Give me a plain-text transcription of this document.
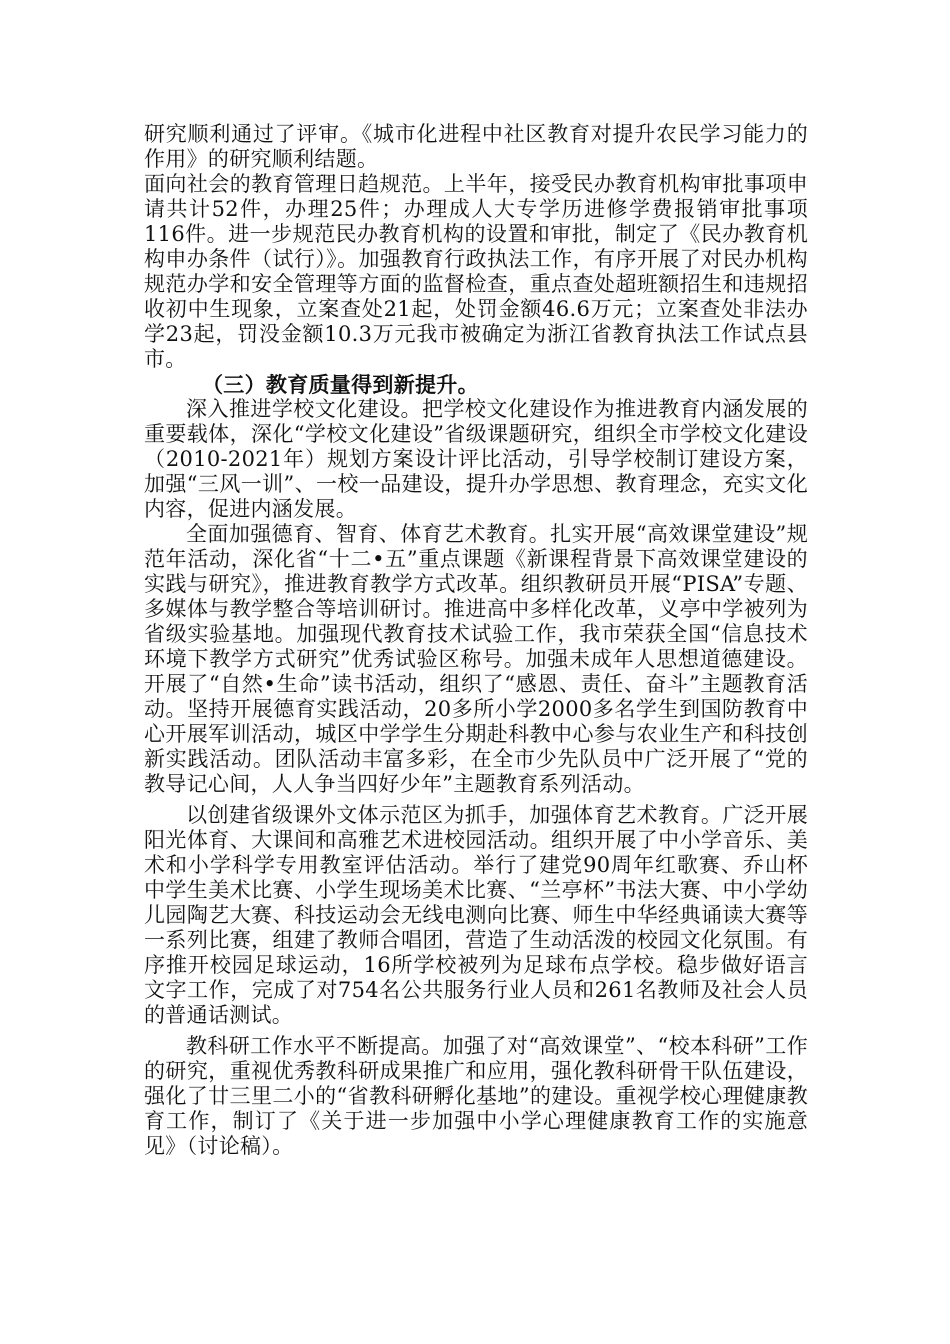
研究顺利通过了评审。《城市化进程中社区教育对提升农民学习能力的作用》的研究顺利结题。

面向社会的教育管理日趋规范。上半年，接受民办教育机构审批事项申请共计52件，办理25件；办理成人大专学历进修学费报销审批事项116件。进一步规范民办教育机构的设置和审批，制定了《民办教育机构申办条件（试行）》。加强教育行政执法工作，有序开展了对民办机构规范办学和安全管理等方面的监督检查，重点查处超班额招生和违规招收初中生现象，立案查处21起，处罚金额46.6万元；立案查处非法办学23起，罚没金额10.3万元我市被确定为浙江省教育执法工作试点县市。

（三）教育质量得到新提升。

深入推进学校文化建设。把学校文化建设作为推进教育内涵发展的重要载体，深化“学校文化建设”省级课题研究，组织全市学校文化建设（2010-2021年）规划方案设计评比活动，引导学校制订建设方案，加强“三风一训”、一校一品建设，提升办学思想、教育理念，充实文化内容，促进内涵发展。

全面加强德育、智育、体育艺术教育。扎实开展“高效课堂建设”规范年活动，深化省“十二•五”重点课题《新课程背景下高效课堂建设的实践与研究》，推进教育教学方式改革。组织教研员开展“PISA”专题、多媒体与教学整合等培训研讨。推进高中多样化改革，义亭中学被列为省级实验基地。加强现代教育技术试验工作，我市荣获全国“信息技术环境下教学方式研究”优秀试验区称号。加强未成年人思想道德建设。开展了“自然•生命”读书活动，组织了“感恩、责任、奋斗”主题教育活动。坚持开展德育实践活动，20多所小学2000多名学生到国防教育中心开展军训活动，城区中学学生分期赴科教中心参与农业生产和科技创新实践活动。团队活动丰富多彩，在全市少先队员中广泛开展了“党的教导记心间，人人争当四好少年”主题教育系列活动。

以创建省级课外文体示范区为抓手，加强体育艺术教育。广泛开展阳光体育、大课间和高雅艺术进校园活动。组织开展了中小学音乐、美术和小学科学专用教室评估活动。举行了建党90周年红歌赛、乔山杯中学生美术比赛、小学生现场美术比赛、“兰亭杯”书法大赛、中小学幼儿园陶艺大赛、科技运动会无线电测向比赛、师生中华经典诵读大赛等一系列比赛，组建了教师合唱团，营造了生动活泼的校园文化氛围。有序推开校园足球运动，16所学校被列为足球布点学校。稳步做好语言文字工作，完成了对754名公共服务行业人员和261名教师及社会人员的普通话测试。

教科研工作水平不断提高。加强了对“高效课堂”、“校本科研”工作的研究，重视优秀教科研成果推广和应用，强化教科研骨干队伍建设，强化了廿三里二小的“省教科研孵化基地”的建设。重视学校心理健康教育工作，制订了《关于进一步加强中小学心理健康教育工作的实施意见》（讨论稿）。
